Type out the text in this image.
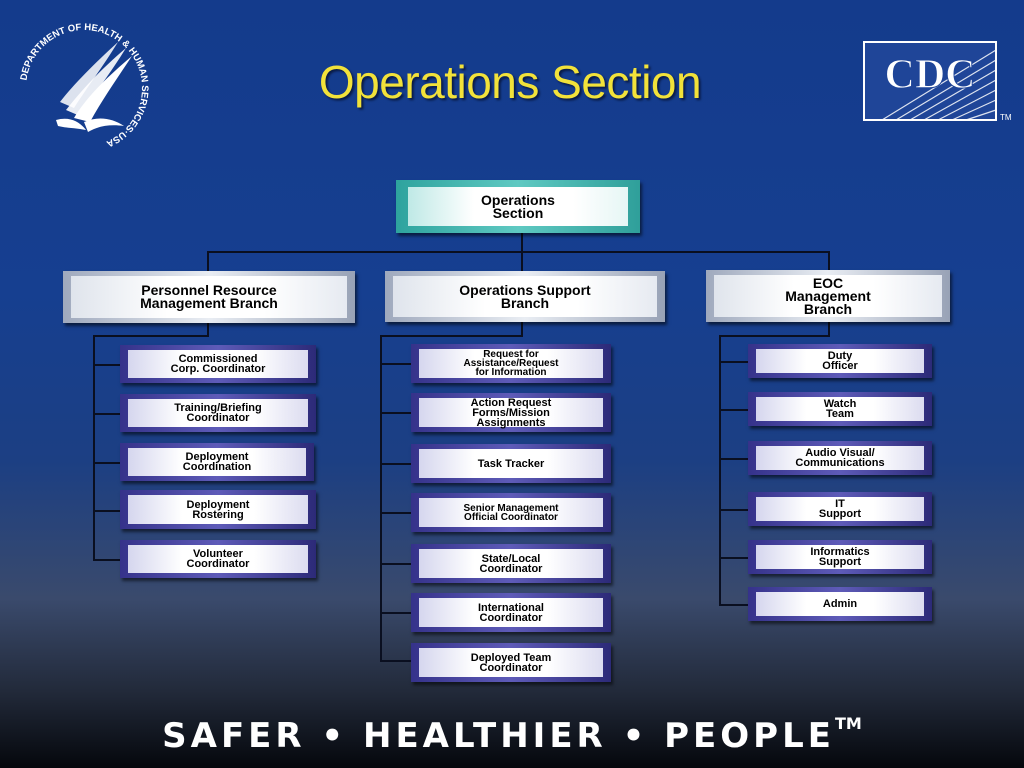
Operations Section
DEPARTMENT OF HEALTH & HUMAN SERVICES·USA
CDC
TM
Operations
Section
Personnel Resource
Management Branch
Operations Support
Branch
EOC
Management
Branch
Commissioned
Corp. Coordinator
Training/Briefing
Coordinator
Deployment
Coordination
Deployment
Rostering
Volunteer
Coordinator
Request for
Assistance/Request
for Information
Action Request
Forms/Mission
Assignments
Task Tracker
Senior Management
Official Coordinator
State/Local
Coordinator
International
Coordinator
Deployed Team
Coordinator
Duty
Officer
Watch
Team
Audio Visual/
Communications
IT
Support
Informatics
Support
Admin
SAFER • HEALTHIER • PEOPLE™
